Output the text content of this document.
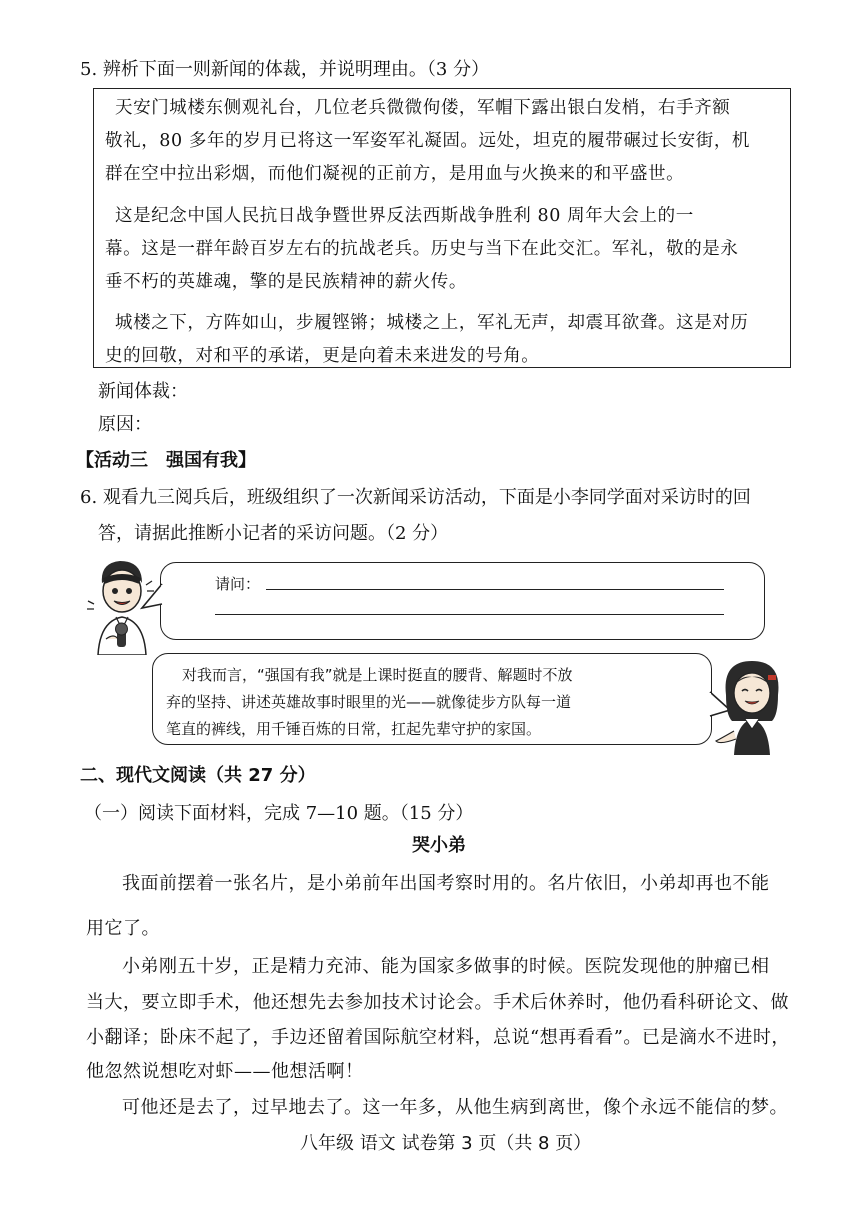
5. 辨析下面一则新闻的体裁，并说明理由。（3 分）
天安门城楼东侧观礼台，几位老兵微微佝偻，军帽下露出银白发梢，右手齐额
敬礼，80 多年的岁月已将这一军姿军礼凝固。远处，坦克的履带碾过长安街，机
群在空中拉出彩烟，而他们凝视的正前方，是用血与火换来的和平盛世。
这是纪念中国人民抗日战争暨世界反法西斯战争胜利 80 周年大会上的一
幕。这是一群年龄百岁左右的抗战老兵。历史与当下在此交汇。军礼，敬的是永
垂不朽的英雄魂，擎的是民族精神的薪火传。
城楼之下，方阵如山，步履铿锵；城楼之上，军礼无声，却震耳欲聋。这是对历
史的回敬，对和平的承诺，更是向着未来进发的号角。
新闻体裁：
原因：
【活动三　强国有我】
6. 观看九三阅兵后，班级组织了一次新闻采访活动，下面是小李同学面对采访时的回
答，请据此推断小记者的采访问题。（2 分）
请问：
对我而言，“强国有我”就是上课时挺直的腰背、解题时不放
弃的坚持、讲述英雄故事时眼里的光——就像徒步方队每一道
笔直的裤线，用千锤百炼的日常，扛起先辈守护的家国。
二、现代文阅读（共 27 分）
（一）阅读下面材料，完成 7—10 题。（15 分）
哭小弟
我面前摆着一张名片，是小弟前年出国考察时用的。名片依旧，小弟却再也不能
用它了。
小弟刚五十岁，正是精力充沛、能为国家多做事的时候。医院发现他的肿瘤已相
当大，要立即手术，他还想先去参加技术讨论会。手术后休养时，他仍看科研论文、做
小翻译；卧床不起了，手边还留着国际航空材料，总说“想再看看”。已是滴水不进时，
他忽然说想吃对虾——他想活啊！
可他还是去了，过早地去了。这一年多，从他生病到离世，像个永远不能信的梦。
八年级 语文 试卷第 3 页（共 8 页）
